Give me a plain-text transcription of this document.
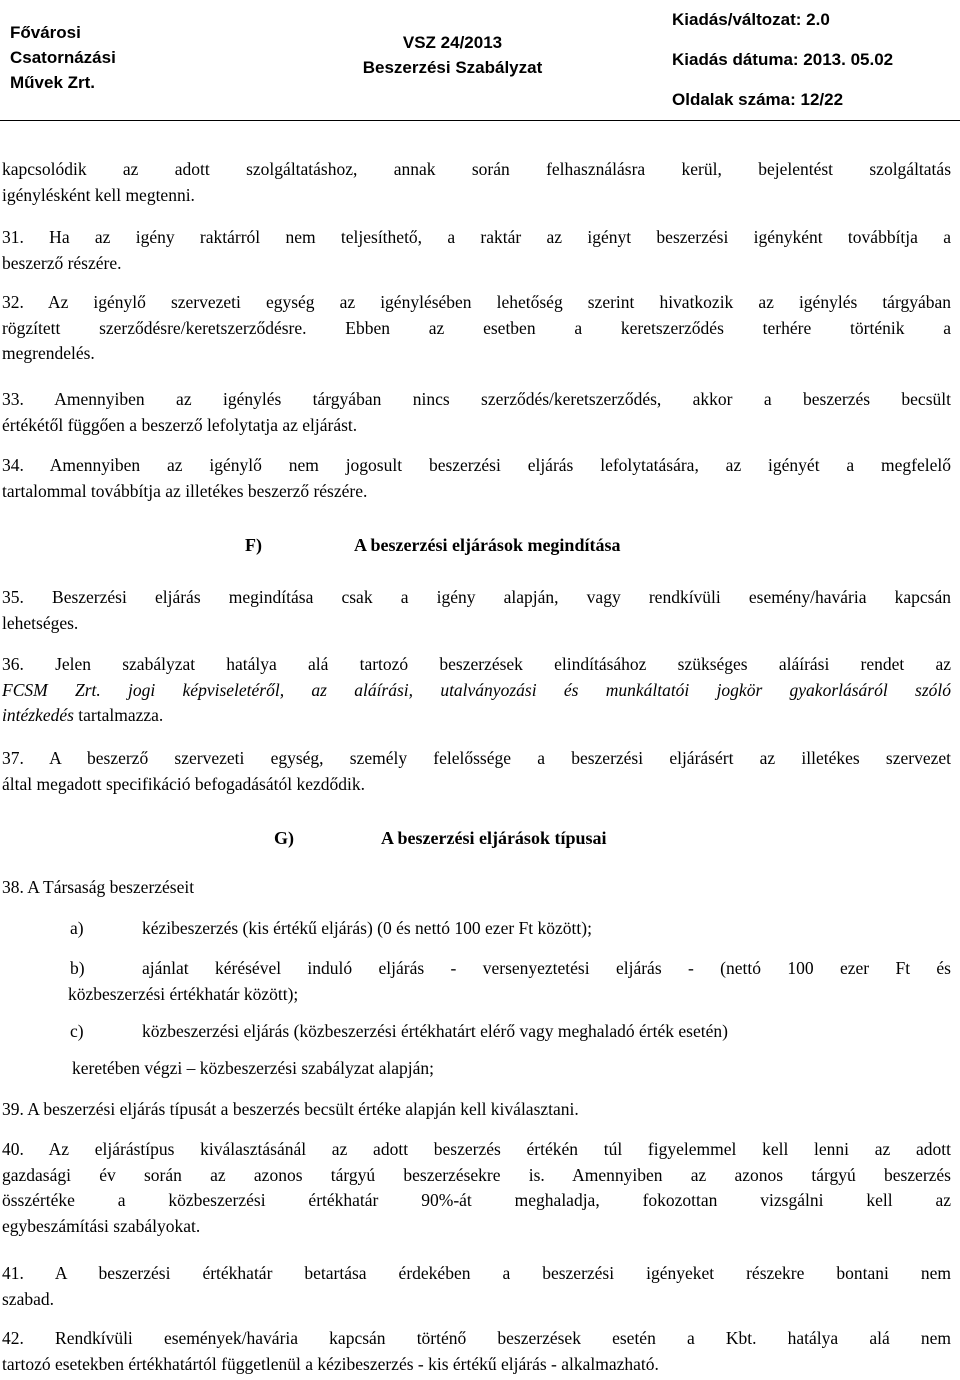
Fővárosi
Csatornázási
Művek Zrt.
VSZ 24/2013
Beszerzési Szabályzat
Kiadás/változat: 2.0
Kiadás dátuma: 2013. 05.02
Oldalak száma: 12/22
kapcsolódik az adott szolgáltatáshoz, annak során felhasználásra kerül, bejelentést szolgáltatás
igénylésként kell megtenni.
31. Ha az igény raktárról nem teljesíthető, a raktár az igényt beszerzési igényként továbbítja a
beszerző részére.
32. Az igénylő szervezeti egység az igénylésében lehetőség szerint hivatkozik az igénylés tárgyában
rögzített szerződésre/keretszerződésre. Ebben az esetben a keretszerződés terhére történik a
megrendelés.
33. Amennyiben az igénylés tárgyában nincs szerződés/keretszerződés, akkor a beszerzés becsült
értékétől függően a beszerző lefolytatja az eljárást.
34. Amennyiben az igénylő nem jogosult beszerzési eljárás lefolytatására, az igényét a megfelelő
tartalommal továbbítja az illetékes beszerző részére.
F)	A beszerzési eljárások megindítása
35. Beszerzési eljárás megindítása csak a igény alapján, vagy rendkívüli esemény/havária kapcsán
lehetséges.
36. Jelen szabályzat hatálya alá tartozó beszerzések elindításához szükséges aláírási rendet az
FCSM Zrt. jogi képviseletéről, az aláírási, utalványozási és munkáltatói jogkör gyakorlásáról szóló
intézkedés tartalmazza.
37. A beszerző szervezeti egység, személy felelőssége a beszerzési eljárásért az illetékes szervezet
által megadott specifikáció befogadásától kezdődik.
G)	A beszerzési eljárások típusai
38. A Társaság beszerzéseit
a)	kézibeszerzés (kis értékű eljárás) (0 és nettó 100 ezer Ft között);
b)	ajánlat kérésével induló eljárás - versenyeztetési eljárás - (nettó 100 ezer Ft és
közbeszerzési értékhatár között);
c)	közbeszerzési eljárás (közbeszerzési értékhatárt elérő vagy meghaladó érték esetén)
keretében végzi – közbeszerzési szabályzat alapján;
39. A beszerzési eljárás típusát a beszerzés becsült értéke alapján kell kiválasztani.
40. Az eljárástípus kiválasztásánál az adott beszerzés értékén túl figyelemmel kell lenni az adott
gazdasági év során az azonos tárgyú beszerzésekre is. Amennyiben az azonos tárgyú beszerzés
összértéke a közbeszerzési értékhatár 90%-át meghaladja, fokozottan vizsgálni kell az
egybeszámítási szabályokat.
41. A beszerzési értékhatár betartása érdekében a beszerzési igényeket részekre bontani nem
szabad.
42. Rendkívüli események/havária kapcsán történő beszerzések esetén a Kbt. hatálya alá nem
tartozó esetekben értékhatártól függetlenül a kézibeszerzés - kis értékű eljárás - alkalmazható.
